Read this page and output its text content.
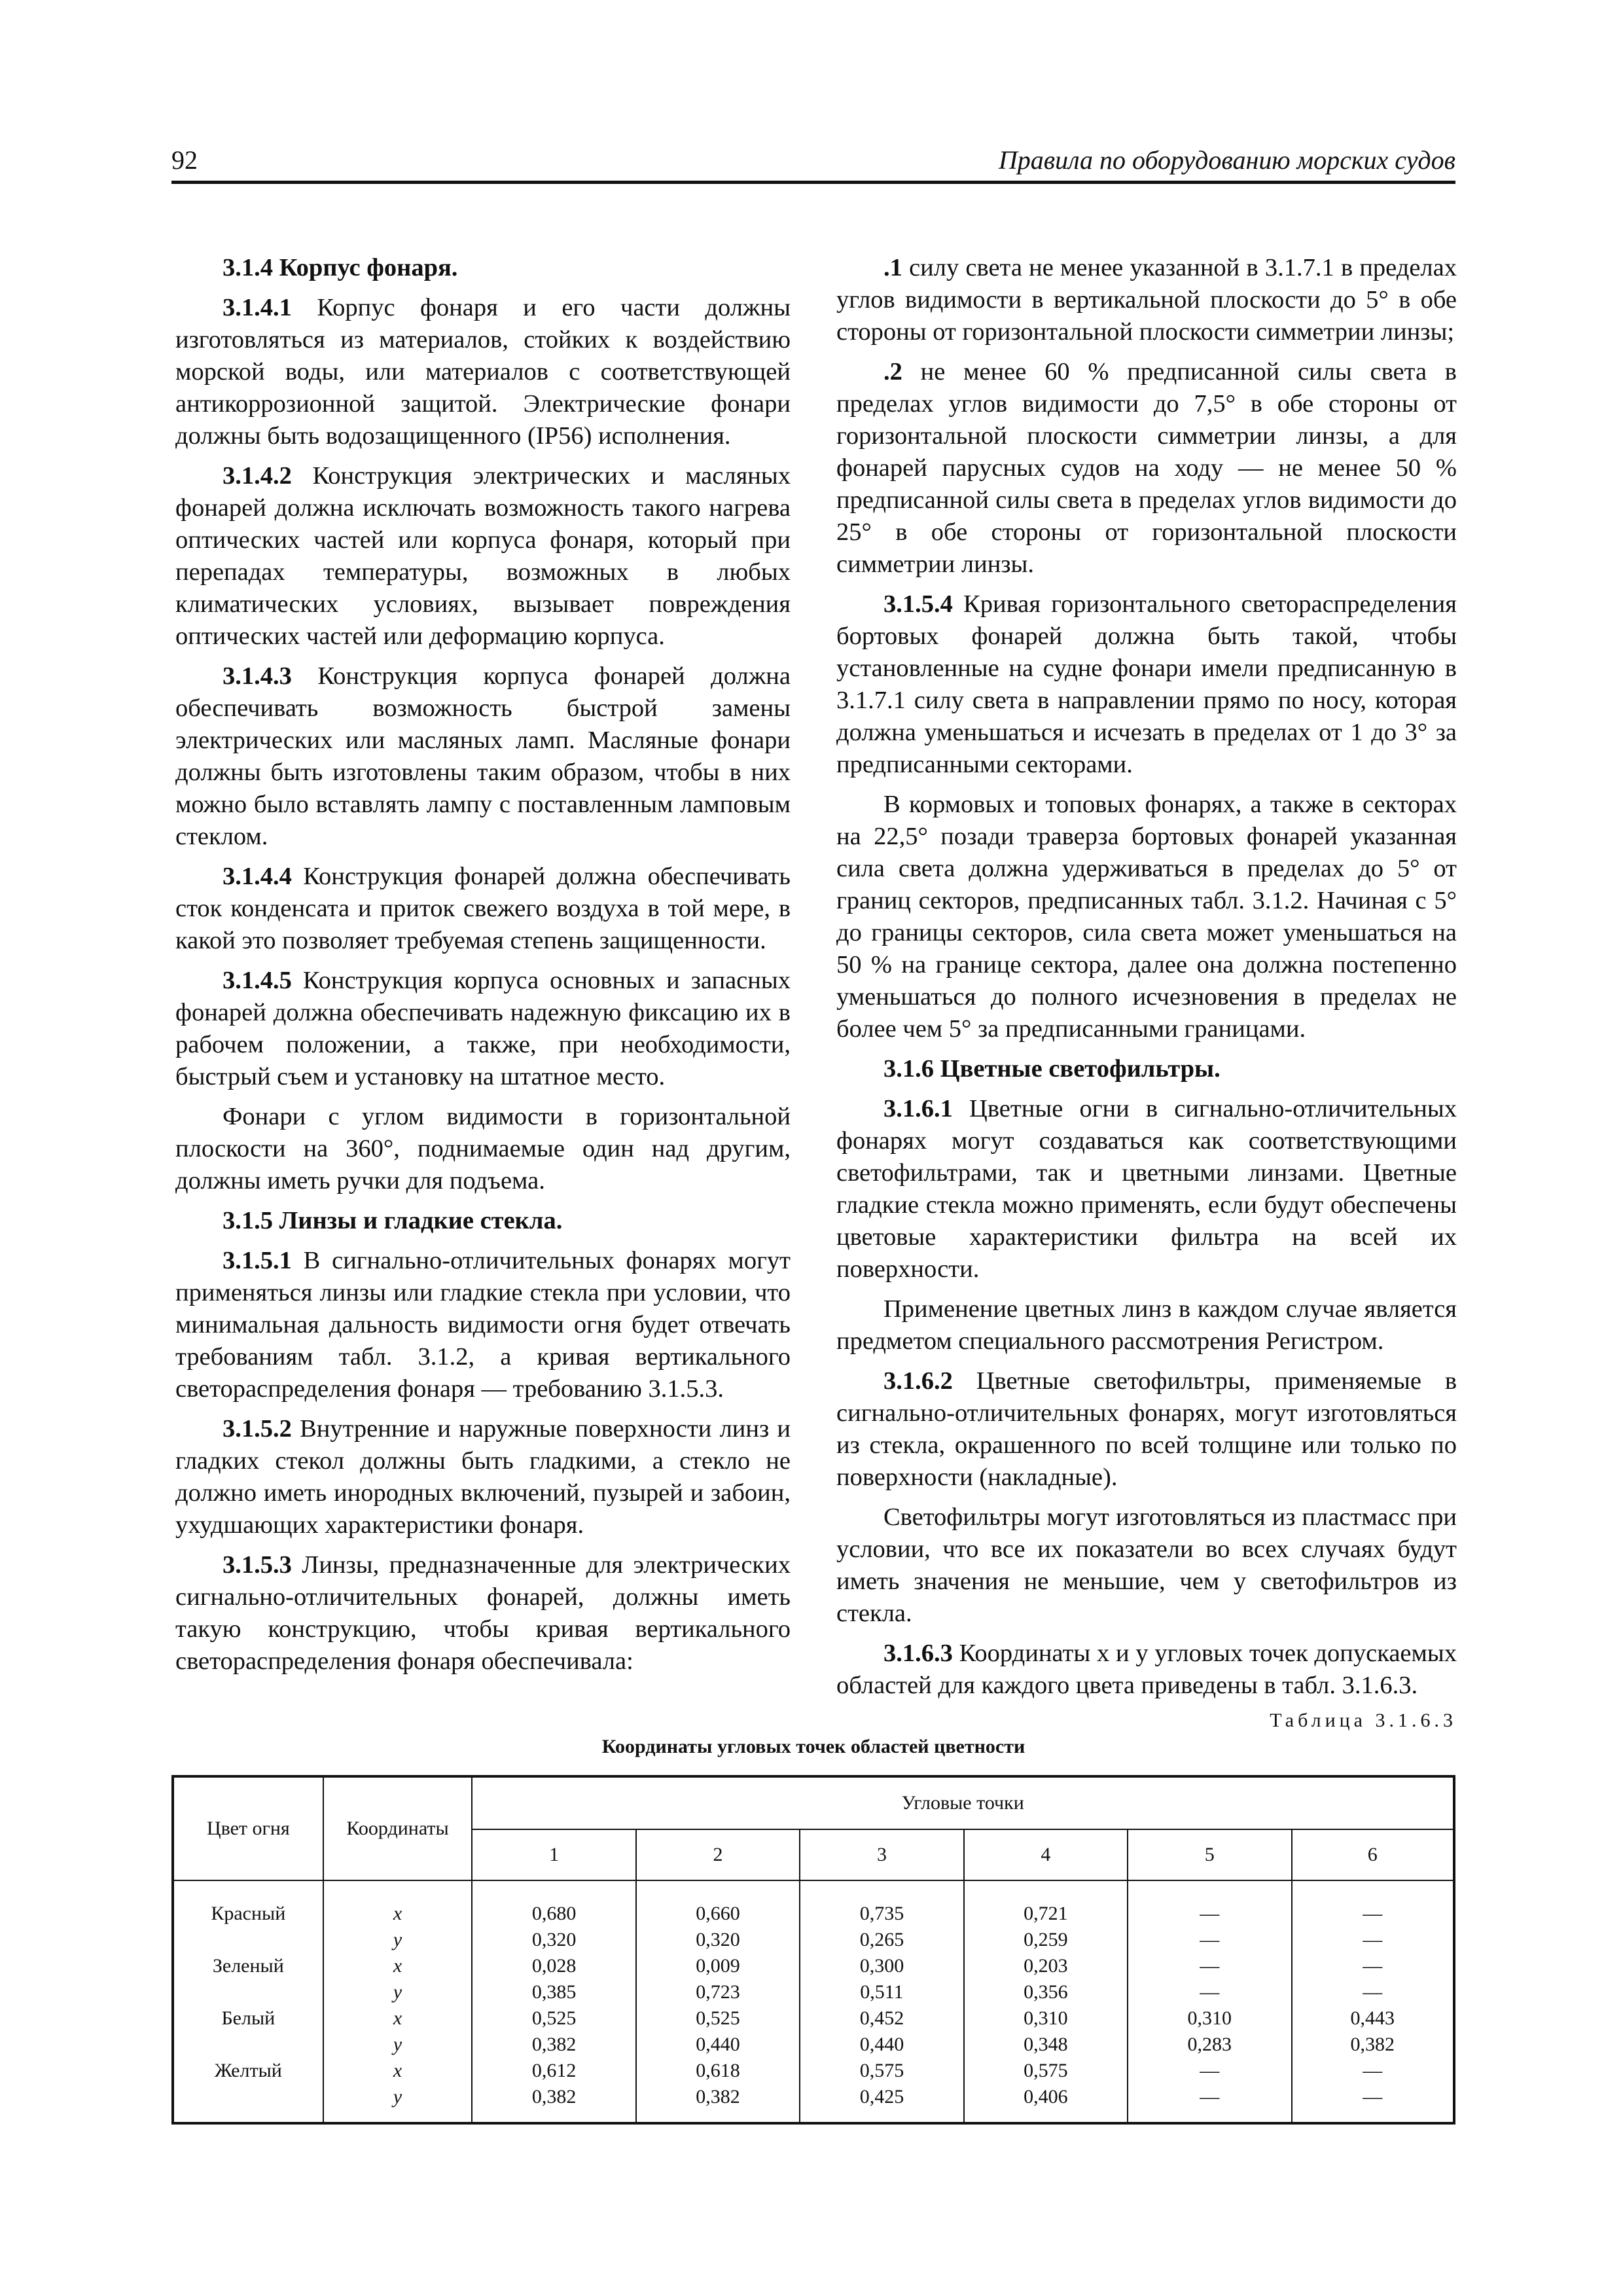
92	Правила по оборудованию морских судов

3.1.4 Корпус фонаря.

3.1.4.1 Корпус фонаря и его части должны изготовляться из материалов, стойких к воздействию морской воды, или материалов с соответствующей антикоррозионной защитой. Электрические фонари должны быть водозащищенного (IP56) исполнения.

3.1.4.2 Конструкция электрических и масляных фонарей должна исключать возможность такого нагрева оптических частей или корпуса фонаря, который при перепадах температуры, возможных в любых климатических условиях, вызывает повреждения оптических частей или деформацию корпуса.

3.1.4.3 Конструкция корпуса фонарей должна обеспечивать возможность быстрой замены электрических или масляных ламп. Масляные фонари должны быть изготовлены таким образом, чтобы в них можно было вставлять лампу с поставленным ламповым стеклом.

3.1.4.4 Конструкция фонарей должна обеспечивать сток конденсата и приток свежего воздуха в той мере, в какой это позволяет требуемая степень защищенности.

3.1.4.5 Конструкция корпуса основных и запасных фонарей должна обеспечивать надежную фиксацию их в рабочем положении, а также, при необходимости, быстрый съем и установку на штатное место.

Фонари с углом видимости в горизонтальной плоскости на 360°, поднимаемые один над другим, должны иметь ручки для подъема.

3.1.5 Линзы и гладкие стекла.

3.1.5.1 В сигнально-отличительных фонарях могут применяться линзы или гладкие стекла при условии, что минимальная дальность видимости огня будет отвечать требованиям табл. 3.1.2, а кривая вертикального светораспределения фонаря — требованию 3.1.5.3.

3.1.5.2 Внутренние и наружные поверхности линз и гладких стекол должны быть гладкими, а стекло не должно иметь инородных включений, пузырей и забоин, ухудшающих характеристики фонаря.

3.1.5.3 Линзы, предназначенные для электрических сигнально-отличительных фонарей, должны иметь такую конструкцию, чтобы кривая вертикального светораспределения фонаря обеспечивала:

.1 силу света не менее указанной в 3.1.7.1 в пределах углов видимости в вертикальной плоскости до 5° в обе стороны от горизонтальной плоскости симметрии линзы;

.2 не менее 60 % предписанной силы света в пределах углов видимости до 7,5° в обе стороны от горизонтальной плоскости симметрии линзы, а для фонарей парусных судов на ходу — не менее 50 % предписанной силы света в пределах углов видимости до 25° в обе стороны от горизонтальной плоскости симметрии линзы.

3.1.5.4 Кривая горизонтального светораспределения бортовых фонарей должна быть такой, чтобы установленные на судне фонари имели предписанную в 3.1.7.1 силу света в направлении прямо по носу, которая должна уменьшаться и исчезать в пределах от 1 до 3° за предписанными секторами.

В кормовых и топовых фонарях, а также в секторах на 22,5° позади траверза бортовых фонарей указанная сила света должна удерживаться в пределах до 5° от границ секторов, предписанных табл. 3.1.2. Начиная с 5° до границы секторов, сила света может уменьшаться на 50 % на границе сектора, далее она должна постепенно уменьшаться до полного исчезновения в пределах не более чем 5° за предписанными границами.

3.1.6 Цветные светофильтры.

3.1.6.1 Цветные огни в сигнально-отличительных фонарях могут создаваться как соответствующими светофильтрами, так и цветными линзами. Цветные гладкие стекла можно применять, если будут обеспечены цветовые характеристики фильтра на всей их поверхности.

Применение цветных линз в каждом случае является предметом специального рассмотрения Регистром.

3.1.6.2 Цветные светофильтры, применяемые в сигнально-отличительных фонарях, могут изготовляться из стекла, окрашенного по всей толщине или только по поверхности (накладные).

Светофильтры могут изготовляться из пластмасс при условии, что все их показатели во всех случаях будут иметь значения не меньшие, чем у светофильтров из стекла.

3.1.6.3 Координаты x и y угловых точек допускаемых областей для каждого цвета приведены в табл. 3.1.6.3.

Таблица 3.1.6.3
Координаты угловых точек областей цветности
Цвет огня	Координаты	Угловые точки					
		1	2	3	4	5	6
Красный	x	0,680	0,660	0,735	0,721	—	—
	y	0,320	0,320	0,265	0,259	—	—
Зеленый	x	0,028	0,009	0,300	0,203	—	—
	y	0,385	0,723	0,511	0,356	—	—
Белый	x	0,525	0,525	0,452	0,310	0,310	0,443
	y	0,382	0,440	0,440	0,348	0,283	0,382
Желтый	x	0,612	0,618	0,575	0,575	—	—
	y	0,382	0,382	0,425	0,406	—	—
